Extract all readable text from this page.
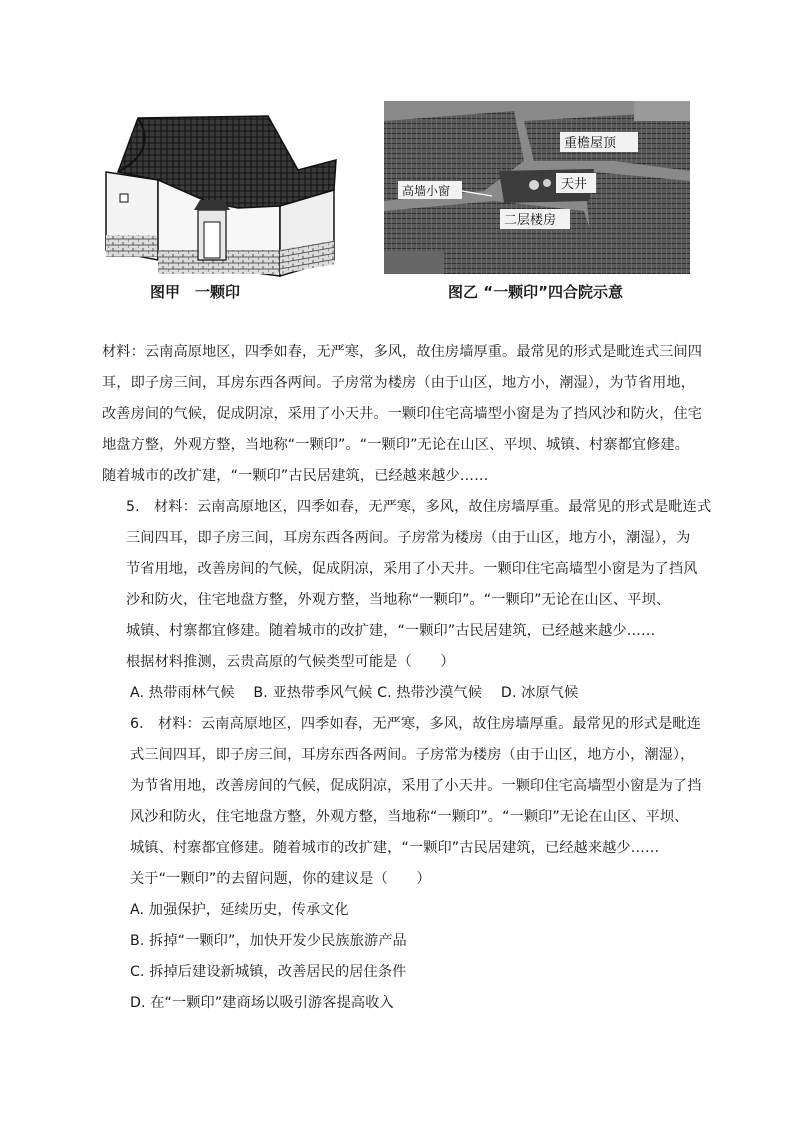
图甲　一颗印
重檐屋顶
高墙小窗	天井
二层楼房
图乙 “一颗印”四合院示意
材料：云南高原地区，四季如春，无严寒，多风，故住房墙厚重。最常见的形式是毗连式三间四
耳，即子房三间，耳房东西各两间。子房常为楼房（由于山区，地方小，潮湿），为节省用地，
改善房间的气候，促成阴凉，采用了小天井。一颗印住宅高墙型小窗是为了挡风沙和防火，住宅
地盘方整，外观方整，当地称“一颗印”。“一颗印”无论在山区、平坝、城镇、村寨都宜修建。
随着城市的改扩建，“一颗印”古民居建筑，已经越来越少……
5.　材料：云南高原地区，四季如春，无严寒，多风，故住房墙厚重。最常见的形式是毗连式
三间四耳，即子房三间，耳房东西各两间。子房常为楼房（由于山区，地方小，潮湿），为
节省用地，改善房间的气候，促成阴凉，采用了小天井。一颗印住宅高墙型小窗是为了挡风
沙和防火，住宅地盘方整，外观方整，当地称“一颗印”。“一颗印”无论在山区、平坝、
城镇、村寨都宜修建。随着城市的改扩建，“一颗印”古民居建筑，已经越来越少……
根据材料推测，云贵高原的气候类型可能是（　　）
A. 热带雨林气候　 B. 亚热带季风气候 C. 热带沙漠气候　 D. 冰原气候
6.　材料：云南高原地区，四季如春，无严寒，多风，故住房墙厚重。最常见的形式是毗连
式三间四耳，即子房三间，耳房东西各两间。子房常为楼房（由于山区，地方小，潮湿），
为节省用地，改善房间的气候，促成阴凉，采用了小天井。一颗印住宅高墙型小窗是为了挡
风沙和防火，住宅地盘方整，外观方整，当地称“一颗印”。“一颗印”无论在山区、平坝、
城镇、村寨都宜修建。随着城市的改扩建，“一颗印”古民居建筑，已经越来越少……
关于“一颗印”的去留问题，你的建议是（　　）
A. 加强保护，延续历史，传承文化
B. 拆掉“一颗印”，加快开发少民族旅游产品
C. 拆掉后建设新城镇，改善居民的居住条件
D. 在“一颗印”建商场以吸引游客提高收入
